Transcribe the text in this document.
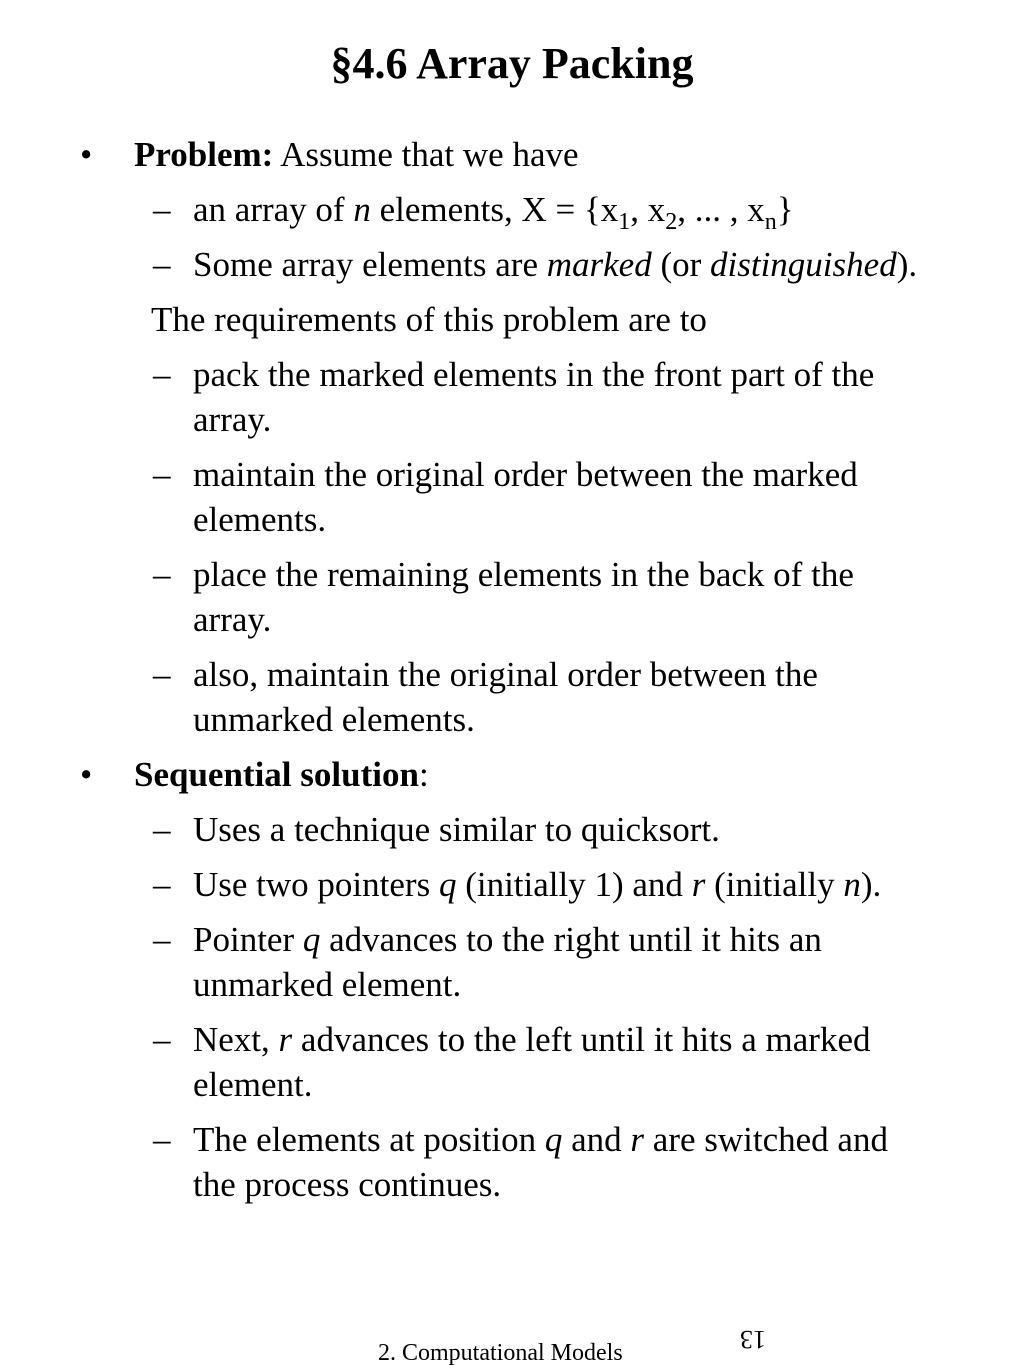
§4.6 Array Packing
• Problem: Assume that we have
– an array of n elements, $X = \{x_1$, $x_2$, ... , $x_n$}
– Some array elements are marked (or distinguished).
The requirements of this problem are to
– pack the marked elements in the front part of the array.
– maintain the original order between the marked elements.
– place the remaining elements in the back of the array.
– also, maintain the original order between the unmarked elements.
• Sequential solution:
– Uses a technique similar to quicksort.
– Use two pointers q (initially 1) and r (initially n).
– Pointer q advances to the right until it hits an unmarked element.
– Next, r advances to the left until it hits a marked element.
– The elements at position q and r are switched and the process continues.
2. Computational Models	13
